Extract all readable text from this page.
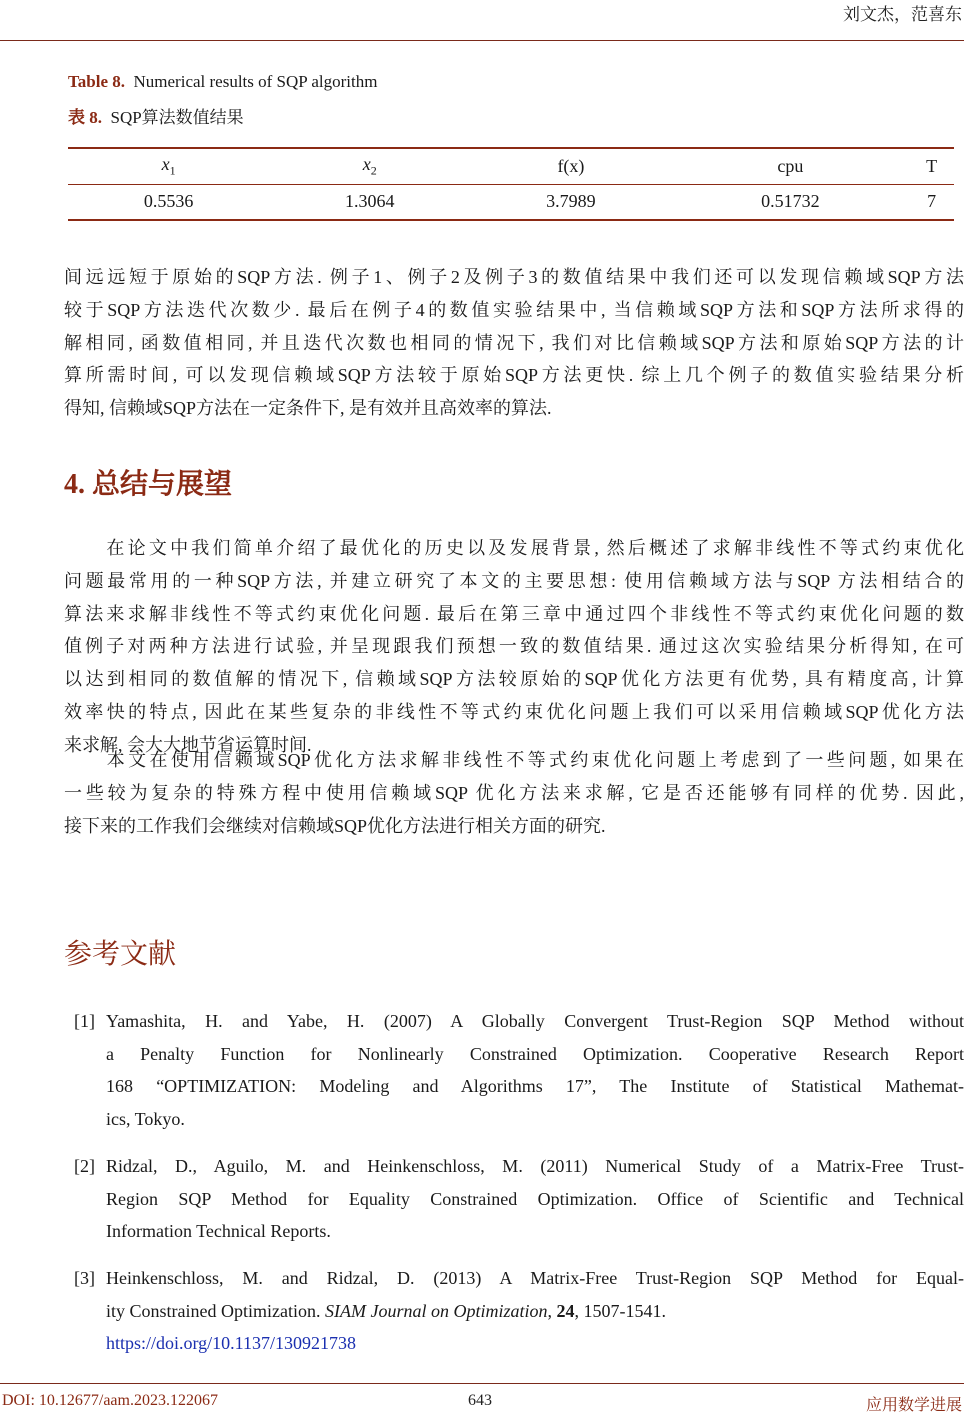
刘文杰，范喜东
Table 8. Numerical results of SQP algorithm
表 8. SQP算法数值结果
$x_1$	$x_2$	f(x)	cpu	T
0.5536	1.3064	3.7989	0.51732	7
间远远短于原始的SQP方法. 例子1、例子2及例子3的数值结果中我们还可以发现信赖域SQP方法
较于SQP方法迭代次数少. 最后在例子4的数值实验结果中, 当信赖域SQP方法和SQP方法所求得的
解相同, 函数值相同, 并且迭代次数也相同的情况下, 我们对比信赖域SQP方法和原始SQP方法的计
算所需时间, 可以发现信赖域SQP方法较于原始SQP方法更快. 综上几个例子的数值实验结果分析
得知, 信赖域SQP方法在一定条件下, 是有效并且高效率的算法.
4. 总结与展望
　　在论文中我们简单介绍了最优化的历史以及发展背景, 然后概述了求解非线性不等式约束优化
问题最常用的一种SQP方法, 并建立研究了本文的主要思想: 使用信赖域方法与SQP 方法相结合的
算法来求解非线性不等式约束优化问题. 最后在第三章中通过四个非线性不等式约束优化问题的数
值例子对两种方法进行试验, 并呈现跟我们预想一致的数值结果. 通过这次实验结果分析得知, 在可
以达到相同的数值解的情况下, 信赖域SQP方法较原始的SQP优化方法更有优势, 具有精度高, 计算
效率快的特点, 因此在某些复杂的非线性不等式约束优化问题上我们可以采用信赖域SQP优化方法
来求解, 会大大地节省运算时间.
　　本文在使用信赖域SQP优化方法求解非线性不等式约束优化问题上考虑到了一些问题, 如果在
一些较为复杂的特殊方程中使用信赖域SQP 优化方法来求解, 它是否还能够有同样的优势. 因此,
接下来的工作我们会继续对信赖域SQP优化方法进行相关方面的研究.
参考文献
[1] Yamashita, H. and Yabe, H. (2007) A Globally Convergent Trust-Region SQP Method without
a Penalty Function for Nonlinearly Constrained Optimization. Cooperative Research Report
168 “OPTIMIZATION: Modeling and Algorithms 17”, The Institute of Statistical Mathemat-
ics, Tokyo.
[2] Ridzal, D., Aguilo, M. and Heinkenschloss, M. (2011) Numerical Study of a Matrix-Free Trust-
Region SQP Method for Equality Constrained Optimization. Office of Scientific and Technical
Information Technical Reports.
[3] Heinkenschloss, M. and Ridzal, D. (2013) A Matrix-Free Trust-Region SQP Method for Equal-
ity Constrained Optimization. SIAM Journal on Optimization, 24, 1507-1541.
https://doi.org/10.1137/130921738
DOI: 10.12677/aam.2023.122067	643	应用数学进展
